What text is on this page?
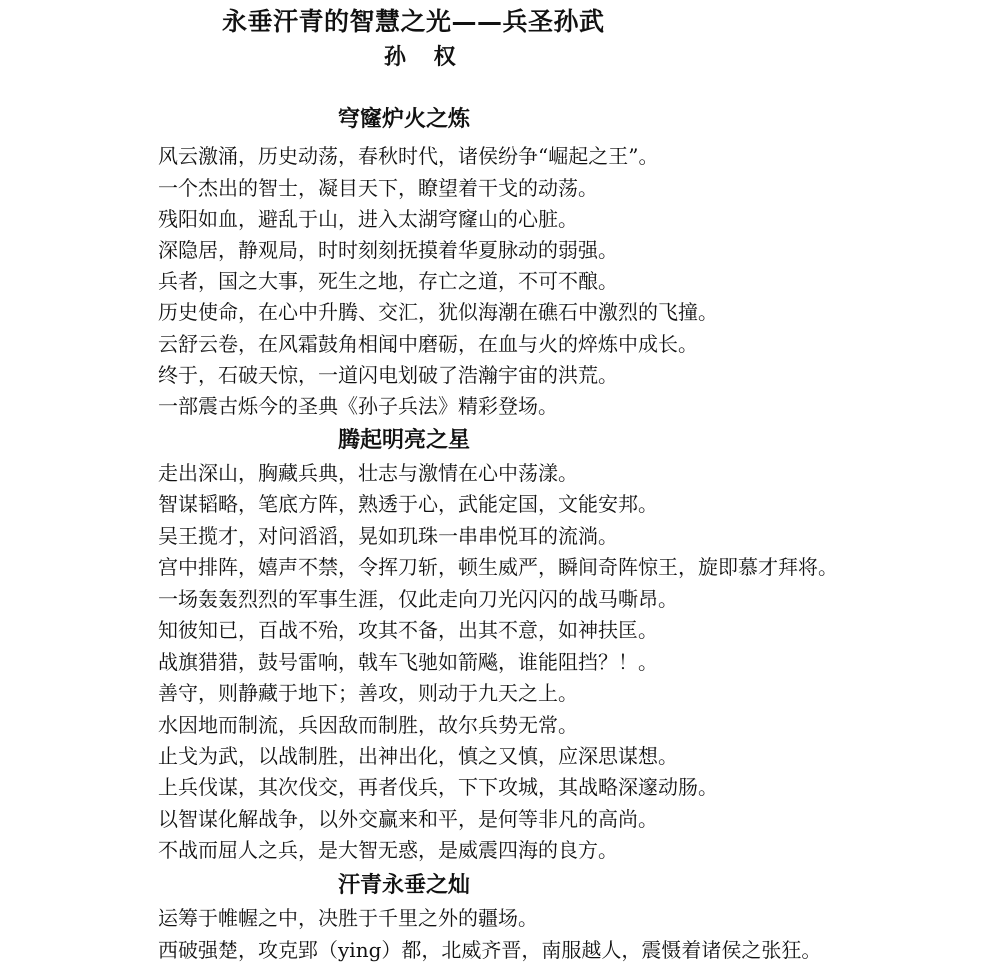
永垂汗青的智慧之光——兵圣孙武
孙 权
穹窿炉火之炼
风云激涌，历史动荡，春秋时代，诸侯纷争“崛起之王”。
一个杰出的智士，凝目天下，瞭望着干戈的动荡。
残阳如血，避乱于山，进入太湖穹窿山的心脏。
深隐居，静观局，时时刻刻抚摸着华夏脉动的弱强。
兵者，国之大事，死生之地，存亡之道，不可不酿。
历史使命，在心中升腾、交汇，犹似海潮在礁石中激烈的飞撞。
云舒云卷，在风霜鼓角相闻中磨砺，在血与火的焠炼中成长。
终于，石破天惊，一道闪电划破了浩瀚宇宙的洪荒。
一部震古烁今的圣典《孙子兵法》精彩登场。
腾起明亮之星
走出深山，胸藏兵典，壮志与激情在心中荡漾。
智谋韬略，笔底方阵，熟透于心，武能定国，文能安邦。
吴王揽才，对问滔滔，晃如玑珠一串串悦耳的流淌。
宫中排阵，嬉声不禁，令挥刀斩，顿生威严，瞬间奇阵惊王，旋即慕才拜将。
一场轰轰烈烈的军事生涯，仅此走向刀光闪闪的战马嘶昂。
知彼知已，百战不殆，攻其不备，出其不意，如神扶匡。
战旗猎猎，鼓号雷响，戟车飞驰如箭飚，谁能阻挡？！。
善守，则静藏于地下；善攻，则动于九天之上。
水因地而制流，兵因敌而制胜，故尔兵势无常。
止戈为武，以战制胜，出神出化，慎之又慎，应深思谋想。
上兵伐谋，其次伐交，再者伐兵，下下攻城，其战略深邃动肠。
以智谋化解战争，以外交赢来和平，是何等非凡的高尚。
不战而屈人之兵，是大智无惑，是威震四海的良方。
汗青永垂之灿
运筹于帷幄之中，决胜于千里之外的疆场。
西破强楚，攻克郢（ying）都，北威齐晋，南服越人，震慑着诸侯之张狂。
